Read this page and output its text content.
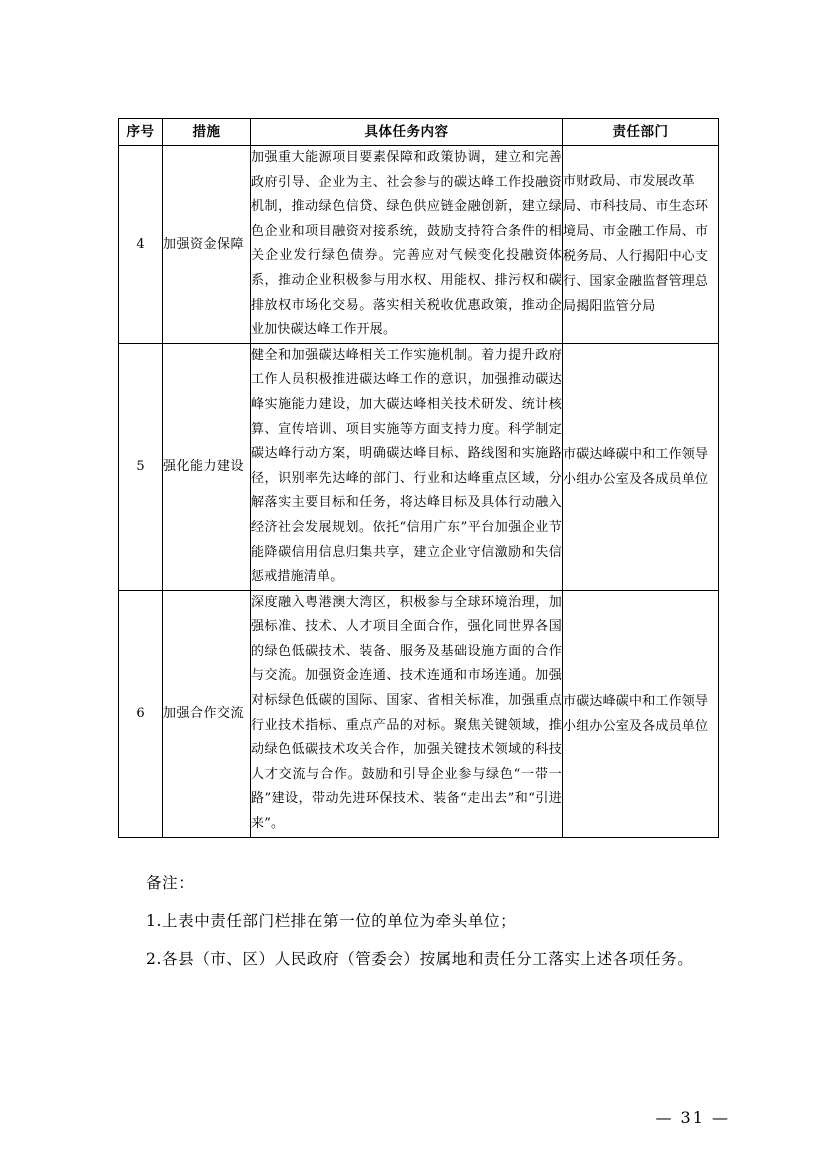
序号	措施	具体任务内容	责任部门
4	加强资金保障	加强重大能源项目要素保障和政策协调，建立和完善政府引导、企业为主、社会参与的碳达峰工作投融资机制，推动绿色信贷、绿色供应链金融创新，建立绿色企业和项目融资对接系统，鼓励支持符合条件的相关企业发行绿色债券。完善应对气候变化投融资体系，推动企业积极参与用水权、用能权、排污权和碳排放权市场化交易。落实相关税收优惠政策，推动企业加快碳达峰工作开展。	市财政局、市发展改革局、市科技局、市生态环境局、市金融工作局、市税务局、人行揭阳中心支行、国家金融监督管理总局揭阳监管分局
5	强化能力建设	健全和加强碳达峰相关工作实施机制。着力提升政府工作人员积极推进碳达峰工作的意识，加强推动碳达峰实施能力建设，加大碳达峰相关技术研发、统计核算、宣传培训、项目实施等方面支持力度。科学制定碳达峰行动方案，明确碳达峰目标、路线图和实施路径，识别率先达峰的部门、行业和达峰重点区域，分解落实主要目标和任务，将达峰目标及具体行动融入经济社会发展规划。依托“信用广东”平台加强企业节能降碳信用信息归集共享，建立企业守信激励和失信惩戒措施清单。	市碳达峰碳中和工作领导小组办公室及各成员单位
6	加强合作交流	深度融入粤港澳大湾区，积极参与全球环境治理，加强标准、技术、人才项目全面合作，强化同世界各国的绿色低碳技术、装备、服务及基础设施方面的合作与交流。加强资金连通、技术连通和市场连通。加强对标绿色低碳的国际、国家、省相关标准，加强重点行业技术指标、重点产品的对标。聚焦关键领域，推动绿色低碳技术攻关合作，加强关键技术领域的科技人才交流与合作。鼓励和引导企业参与绿色“一带一路”建设，带动先进环保技术、装备“走出去”和“引进来”。	市碳达峰碳中和工作领导小组办公室及各成员单位
备注：
1.上表中责任部门栏排在第一位的单位为牵头单位；
2.各县（市、区）人民政府（管委会）按属地和责任分工落实上述各项任务。
— 31 —
